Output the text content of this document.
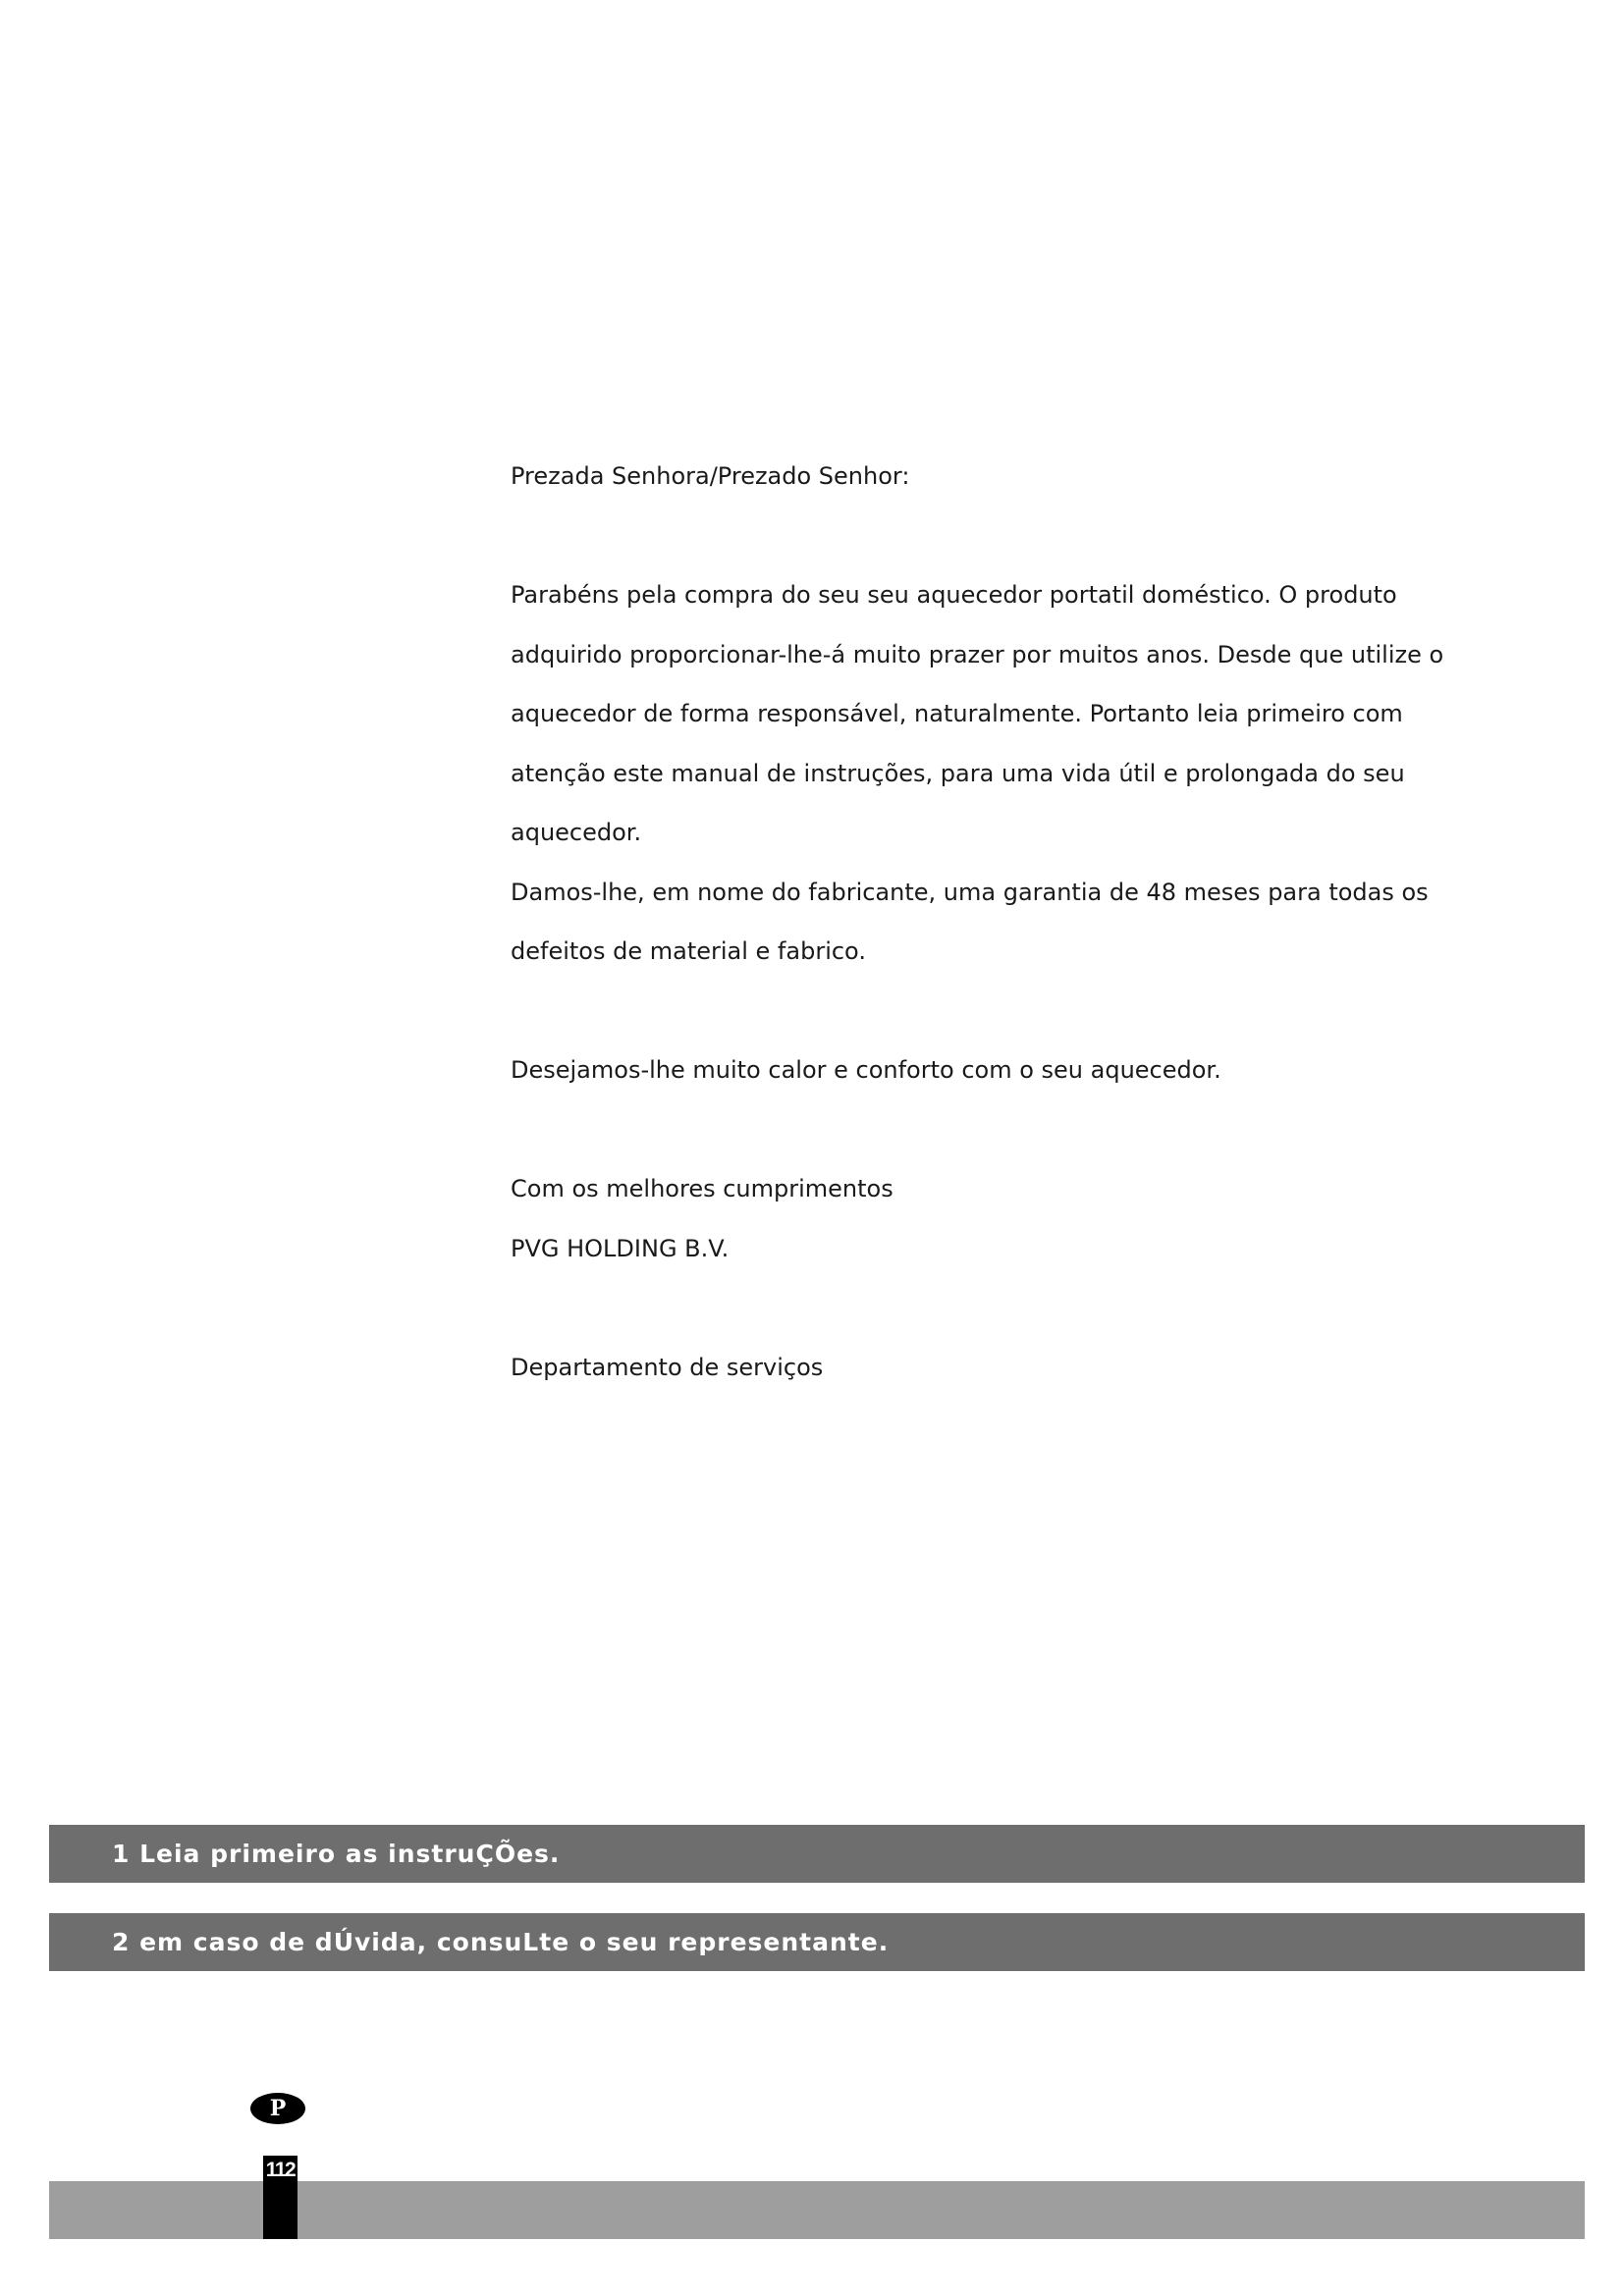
Prezada Senhora/Prezado Senhor:

Parabéns pela compra do seu seu aquecedor portatil doméstico. O produto

adquirido proporcionar-lhe-á muito prazer por muitos anos. Desde que utilize o

aquecedor de forma responsável, naturalmente. Portanto leia primeiro com

atenção este manual de instruções, para uma vida útil e prolongada do seu

aquecedor.

Damos-lhe, em nome do fabricante, uma garantia de 48 meses para todas os

defeitos de material e fabrico.

Desejamos-lhe muito calor e conforto com o seu aquecedor.

Com os melhores cumprimentos

PVG HOLDING B.V.

Departamento de serviços

1 Leia primeiro as instruÇÕes.
2 em caso de dÚvida, consuLte o seu representante.
P
112
